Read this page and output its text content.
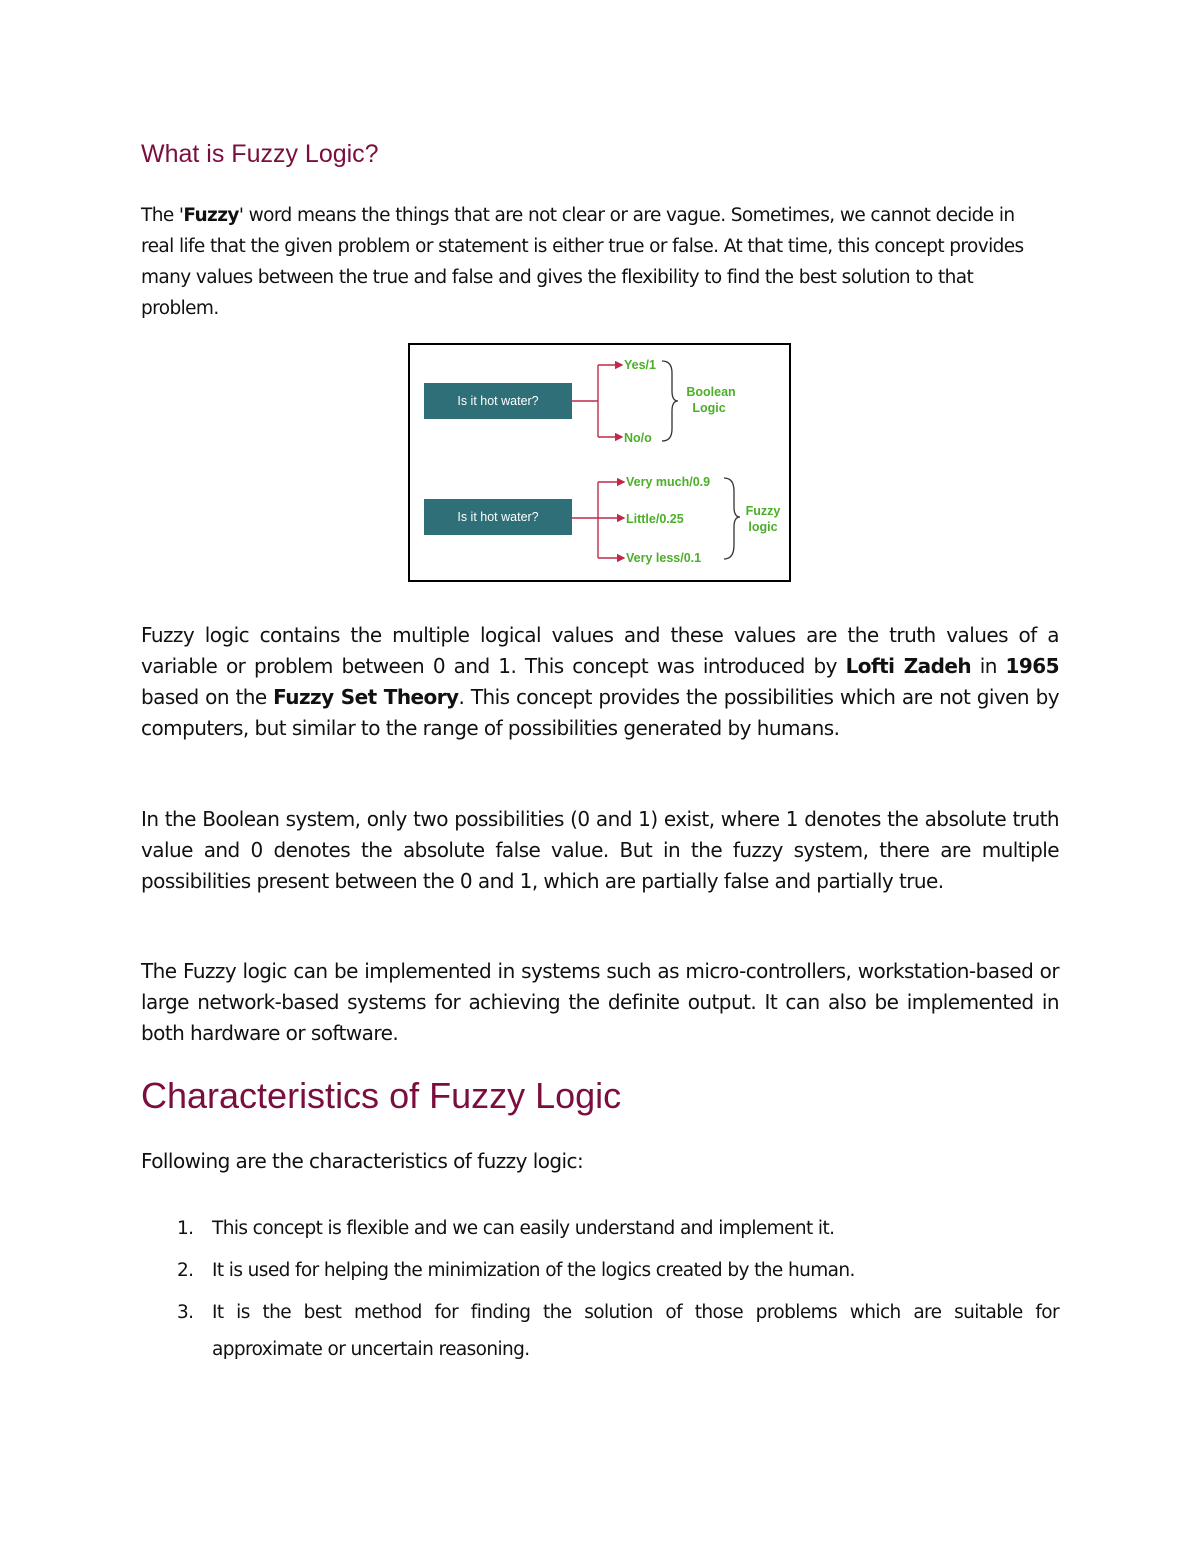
What is Fuzzy Logic?

The 'Fuzzy' word means the things that are not clear or are vague. Sometimes, we cannot decide in real life that the given problem or statement is either true or false. At that time, this concept provides many values between the true and false and gives the flexibility to find the best solution to that problem.

Is it hot water?
Yes/1
No/o
Boolean
Logic
Is it hot water?
Very much/0.9
Little/0.25
Very less/0.1
Fuzzy
logic

Fuzzy logic contains the multiple logical values and these values are the truth values of a variable or problem between 0 and 1. This concept was introduced by Lofti Zadeh in 1965 based on the Fuzzy Set Theory. This concept provides the possibilities which are not given by computers, but similar to the range of possibilities generated by humans.

In the Boolean system, only two possibilities (0 and 1) exist, where 1 denotes the absolute truth value and 0 denotes the absolute false value. But in the fuzzy system, there are multiple possibilities present between the 0 and 1, which are partially false and partially true.

The Fuzzy logic can be implemented in systems such as micro-controllers, workstation-based or large network-based systems for achieving the definite output. It can also be implemented in both hardware or software.

Characteristics of Fuzzy Logic

Following are the characteristics of fuzzy logic:

1. This concept is flexible and we can easily understand and implement it.
2. It is used for helping the minimization of the logics created by the human.
3. It is the best method for finding the solution of those problems which are suitable for approximate or uncertain reasoning.
